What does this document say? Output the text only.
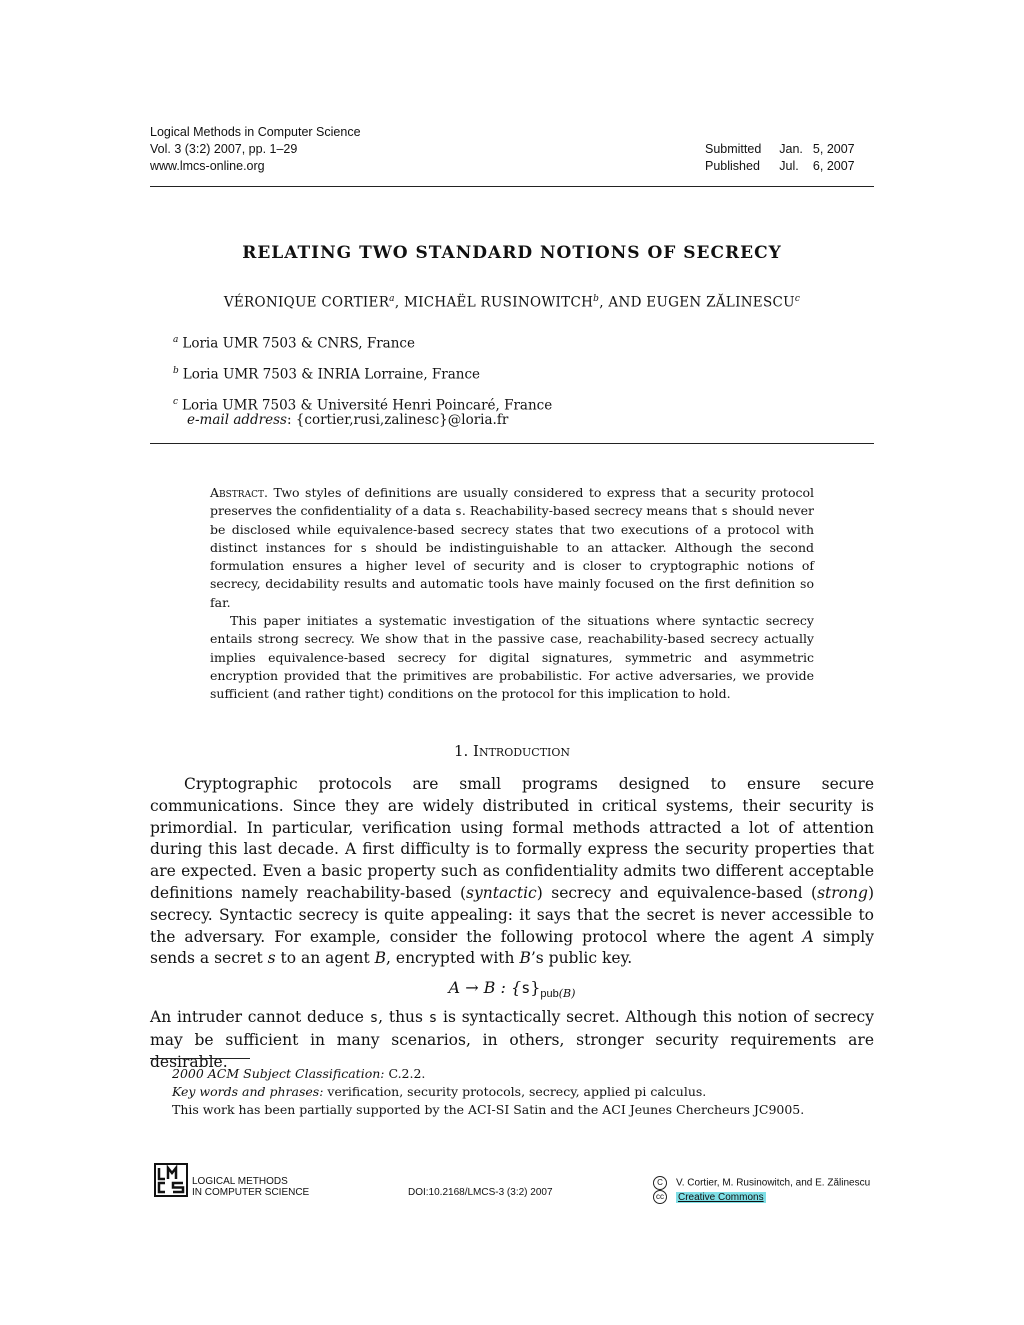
Logical Methods in Computer Science
Vol. 3 (3:2) 2007, pp. 1–29
www.lmcs-online.org
Submitted	Jan.	5, 2007
Published	Jul.	6, 2007
RELATING TWO STANDARD NOTIONS OF SECRECY
VÉRONIQUE CORTIER$^a$, MICHAËL RUSINOWITCH$^b$, AND EUGEN ZĂLINESCU$^c$
$^a$ Loria UMR 7503 & CNRS, France
$^b$ Loria UMR 7503 & INRIA Lorraine, France
$^c$ Loria UMR 7503 & Université Henri Poincaré, France
e-mail address: {cortier,rusi,zalinesc}@loria.fr

Abstract. Two styles of definitions are usually considered to express that a security protocol preserves the confidentiality of a data s. Reachability-based secrecy means that s should never be disclosed while equivalence-based secrecy states that two executions of a protocol with distinct instances for s should be indistinguishable to an attacker. Although the second formulation ensures a higher level of security and is closer to cryptographic notions of secrecy, decidability results and automatic tools have mainly focused on the first definition so far.

This paper initiates a systematic investigation of the situations where syntactic secrecy entails strong secrecy. We show that in the passive case, reachability-based secrecy actually implies equivalence-based secrecy for digital signatures, symmetric and asymmetric encryption provided that the primitives are probabilistic. For active adversaries, we provide sufficient (and rather tight) conditions on the protocol for this implication to hold.

1. Introduction

Cryptographic protocols are small programs designed to ensure secure communications. Since they are widely distributed in critical systems, their security is primordial. In particular, verification using formal methods attracted a lot of attention during this last decade. A first difficulty is to formally express the security properties that are expected. Even a basic property such as confidentiality admits two different acceptable definitions namely reachability-based (syntactic) secrecy and equivalence-based (strong) secrecy. Syntactic secrecy is quite appealing: it says that the secret is never accessible to the adversary. For example, consider the following protocol where the agent A simply sends a secret s to an agent B, encrypted with B’s public key.

A → B : $\{s\}_{pub(B)}$

An intruder cannot deduce s, thus s is syntactically secret. Although this notion of secrecy may be sufficient in many scenarios, in others, stronger security requirements are desirable.

2000 ACM Subject Classification: C.2.2.
Key words and phrases: verification, security protocols, secrecy, applied pi calculus.
This work has been partially supported by the ACI-SI Satin and the ACI Jeunes Chercheurs JC9005.
LOGICAL METHODS
IN COMPUTER SCIENCE	DOI:10.2168/LMCS-3 (3:2) 2007
C V. Cortier, M. Rusinowitch, and E. Zălinescu
cc Creative Commons
